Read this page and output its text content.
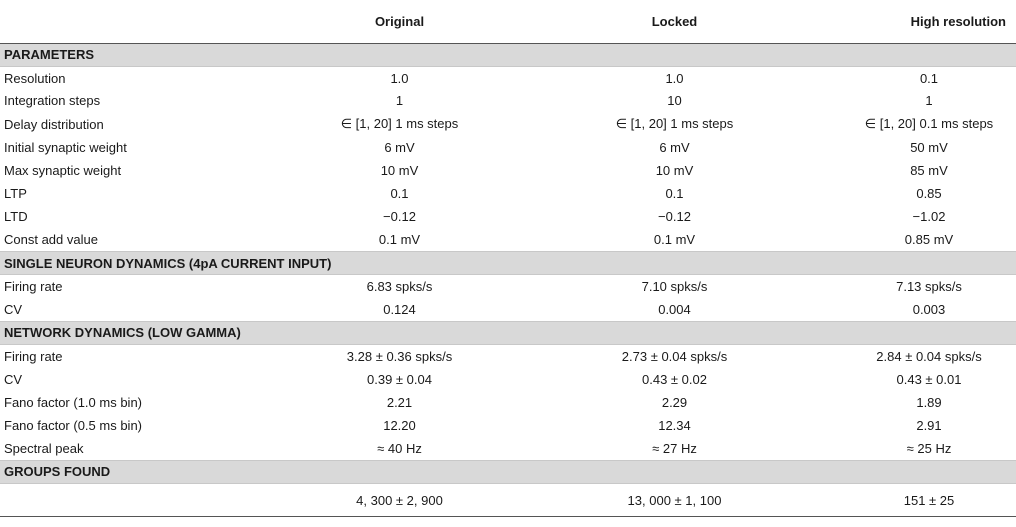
	Original	Locked	High resolution
PARAMETERS			
Resolution	1.0	1.0	0.1
Integration steps	1	10	1
Delay distribution	∈ [1, 20] 1 ms steps	∈ [1, 20] 1 ms steps	∈ [1, 20] 0.1 ms steps
Initial synaptic weight	6 mV	6 mV	50 mV
Max synaptic weight	10 mV	10 mV	85 mV
LTP	0.1	0.1	0.85
LTD	−0.12	−0.12	−1.02
Const add value	0.1 mV	0.1 mV	0.85 mV
SINGLE NEURON DYNAMICS (4pA CURRENT INPUT)			
Firing rate	6.83 spks/s	7.10 spks/s	7.13 spks/s
CV	0.124	0.004	0.003
NETWORK DYNAMICS (LOW GAMMA)			
Firing rate	3.28 ± 0.36 spks/s	2.73 ± 0.04 spks/s	2.84 ± 0.04 spks/s
CV	0.39 ± 0.04	0.43 ± 0.02	0.43 ± 0.01
Fano factor (1.0 ms bin)	2.21	2.29	1.89
Fano factor (0.5 ms bin)	12.20	12.34	2.91
Spectral peak	≈ 40 Hz	≈ 27 Hz	≈ 25 Hz
GROUPS FOUND			
	4, 300 ± 2, 900	13, 000 ± 1, 100	151 ± 25
